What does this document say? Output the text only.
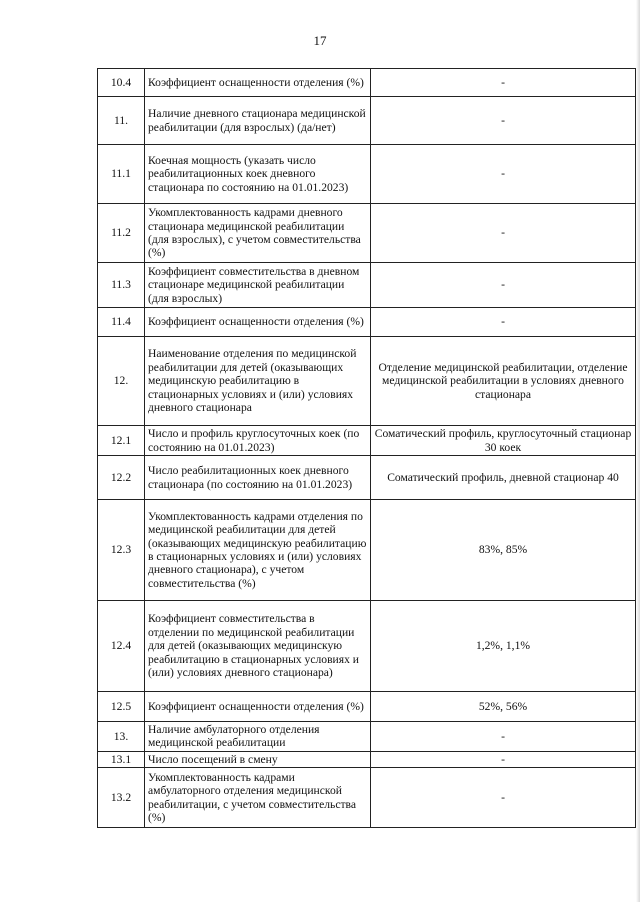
17
10.4	Коэффициент оснащенности отделения (%)	-
11.	Наличие дневного стационара медицинской реабилитации (для взрослых) (да/нет)	-
11.1	Коечная мощность (указать число реабилитационных коек дневного стационара по состоянию на 01.01.2023)	-
11.2	Укомплектованность кадрами дневного стационара медицинской реабилитации (для взрослых), с учетом совместительства (%)	-
11.3	Коэффициент совместительства в дневном стационаре медицинской реабилитации (для взрослых)	-
11.4	Коэффициент оснащенности отделения (%)	-
12.	Наименование отделения по медицинской реабилитации для детей (оказывающих медицинскую реабилитацию в стационарных условиях и (или) условиях дневного стационара	Отделение медицинской реабилитации, отделение медицинской реабилитации в условиях дневного стационара
12.1	Число и профиль круглосуточных коек (по состоянию на 01.01.2023)	Соматический профиль, круглосуточный стационар 30 коек
12.2	Число реабилитационных коек дневного стационара (по состоянию на 01.01.2023)	Соматический профиль, дневной стационар 40
12.3	Укомплектованность кадрами отделения по медицинской реабилитации для детей (оказывающих медицинскую реабилитацию в стационарных условиях и (или) условиях дневного стационара), с учетом совместительства (%)	83%, 85%
12.4	Коэффициент совместительства в отделении по медицинской реабилитации для детей (оказывающих медицинскую реабилитацию в стационарных условиях и (или) условиях дневного стационара)	1,2%, 1,1%
12.5	Коэффициент оснащенности отделения (%)	52%, 56%
13.	Наличие амбулаторного отделения медицинской реабилитации	-
13.1	Число посещений в смену	-
13.2	Укомплектованность кадрами амбулаторного отделения медицинской реабилитации, с учетом совместительства (%)	-
